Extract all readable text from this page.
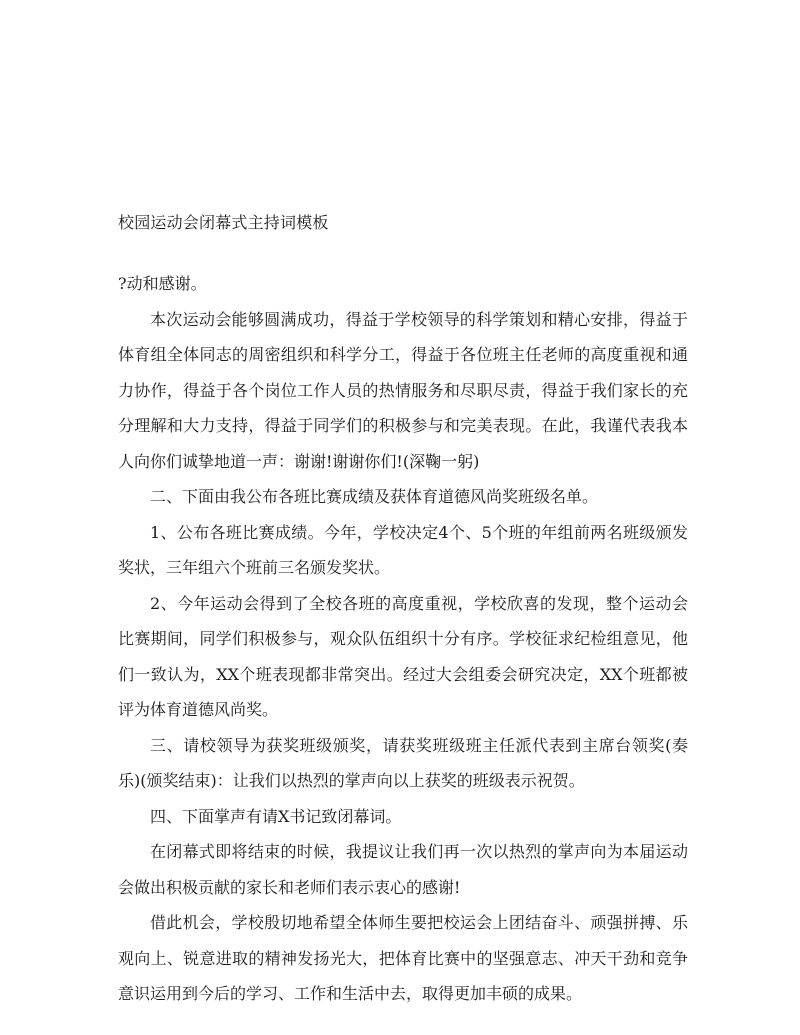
校园运动会闭幕式主持词模板

?动和感谢。

本次运动会能够圆满成功，得益于学校领导的科学策划和精心安排，得益于体育组全体同志的周密组织和科学分工，得益于各位班主任老师的高度重视和通力协作，得益于各个岗位工作人员的热情服务和尽职尽责，得益于我们家长的充分理解和大力支持，得益于同学们的积极参与和完美表现。在此，我谨代表我本人向你们诚挚地道一声：谢谢!谢谢你们!(深鞠一躬)

二、下面由我公布各班比赛成绩及获体育道德风尚奖班级名单。

1、公布各班比赛成绩。今年，学校决定4个、5个班的年组前两名班级颁发奖状，三年组六个班前三名颁发奖状。

2、今年运动会得到了全校各班的高度重视，学校欣喜的发现，整个运动会比赛期间，同学们积极参与，观众队伍组织十分有序。学校征求纪检组意见，他们一致认为，XX个班表现都非常突出。经过大会组委会研究决定，XX个班都被评为体育道德风尚奖。

三、请校领导为获奖班级颁奖，请获奖班级班主任派代表到主席台领奖(奏乐)(颁奖结束)：让我们以热烈的掌声向以上获奖的班级表示祝贺。

四、下面掌声有请X书记致闭幕词。

在闭幕式即将结束的时候，我提议让我们再一次以热烈的掌声向为本届运动会做出积极贡献的家长和老师们表示衷心的感谢!

借此机会，学校殷切地希望全体师生要把校运会上团结奋斗、顽强拼搏、乐观向上、锐意进取的精神发扬光大，把体育比赛中的坚强意志、冲天干劲和竞争意识运用到今后的学习、工作和生活中去，取得更加丰硕的成果。
